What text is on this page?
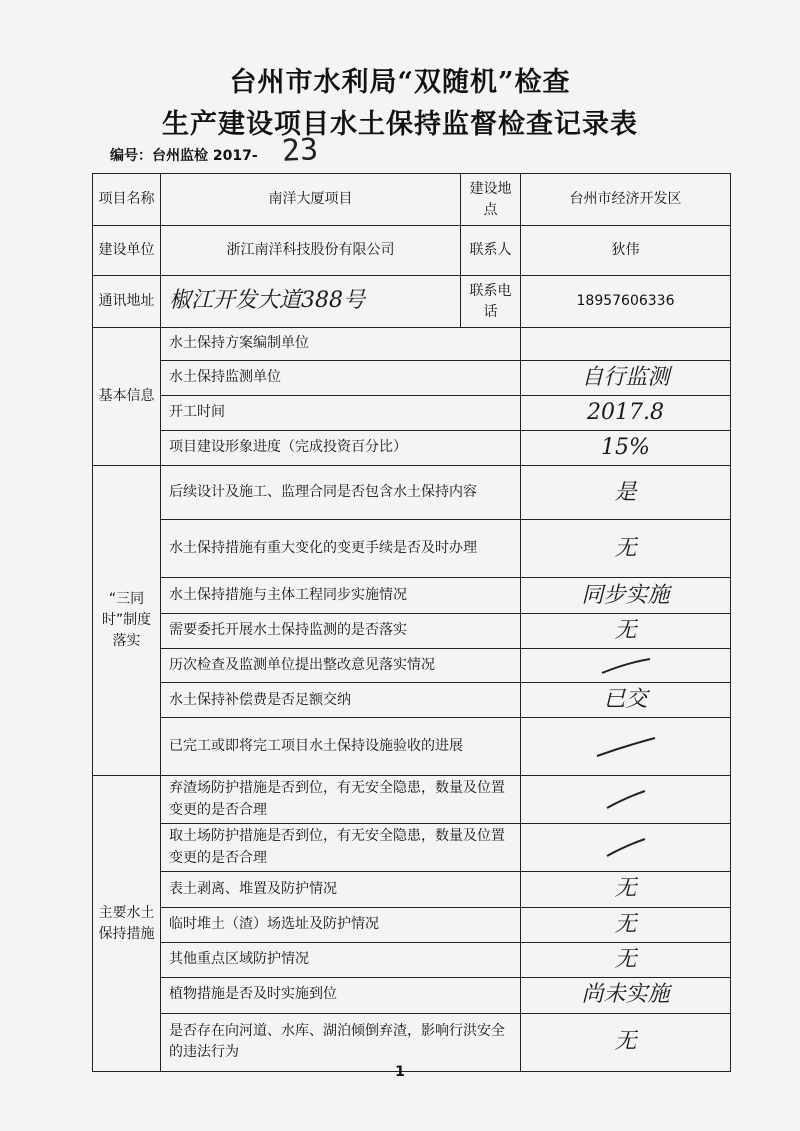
台州市水利局“双随机”检查
生产建设项目水土保持监督检查记录表
编号：台州监检 2017- 23
项目名称	南洋大厦项目	建设地点	台州市经济开发区
建设单位	浙江南洋科技股份有限公司	联系人	狄伟
通讯地址	椒江开发大道388号	联系电话	18957606336
基本信息	水土保持方案编制单位		
	水土保持监测单位		自行监测
	开工时间		2017.8
	项目建设形象进度（完成投资百分比）		15%
“三同时”制度落实	后续设计及施工、监理合同是否包含水土保持内容		是
	水土保持措施有重大变化的变更手续是否及时办理		无
	水土保持措施与主体工程同步实施情况		同步实施
	需要委托开展水土保持监测的是否落实		无
	历次检查及监测单位提出整改意见落实情况	

	水土保持补偿费是否足额交纳		已交
	已完工或即将完工项目水土保持设施验收的进展	

主要水土保持措施	弃渣场防护措施是否到位，有无安全隐患，数量及位置变更的是否合理	

	取土场防护措施是否到位，有无安全隐患，数量及位置变更的是否合理	

	表土剥离、堆置及防护情况		无
	临时堆土（渣）场选址及防护情况		无
	其他重点区域防护情况		无
	植物措施是否及时实施到位		尚未实施
	是否存在向河道、水库、湖泊倾倒弃渣，影响行洪安全的违法行为		无
1
